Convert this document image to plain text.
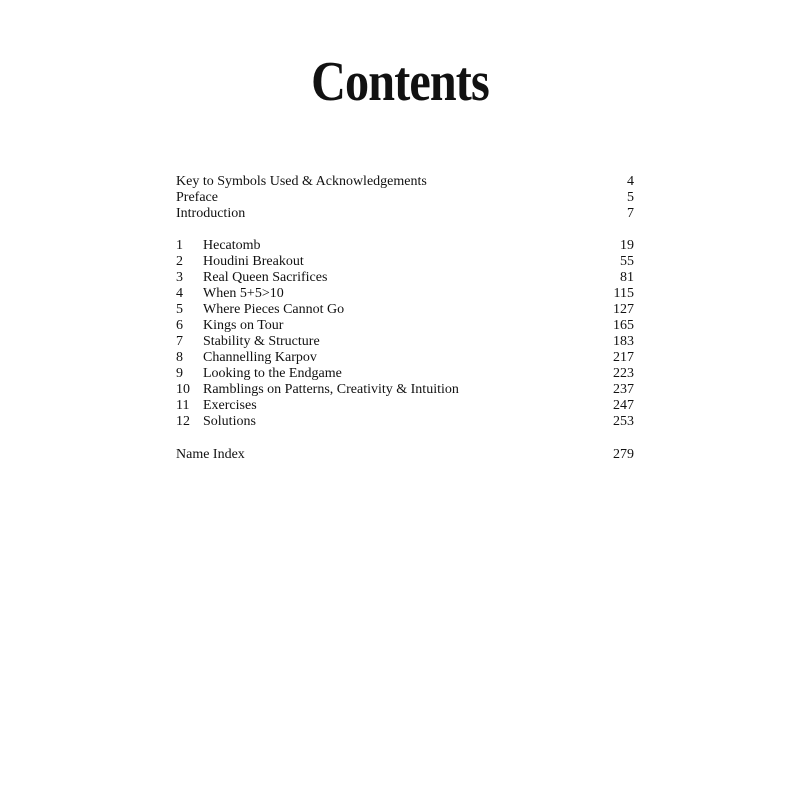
Contents
Key to Symbols Used & Acknowledgements	4
Preface	5
Introduction	7
1	Hecatomb	19
2	Houdini Breakout	55
3	Real Queen Sacrifices	81
4	When 5+5>10	115
5	Where Pieces Cannot Go	127
6	Kings on Tour	165
7	Stability & Structure	183
8	Channelling Karpov	217
9	Looking to the Endgame	223
10 Ramblings on Patterns, Creativity & Intuition	237
11 Exercises	247
12 Solutions	253
Name Index	279
